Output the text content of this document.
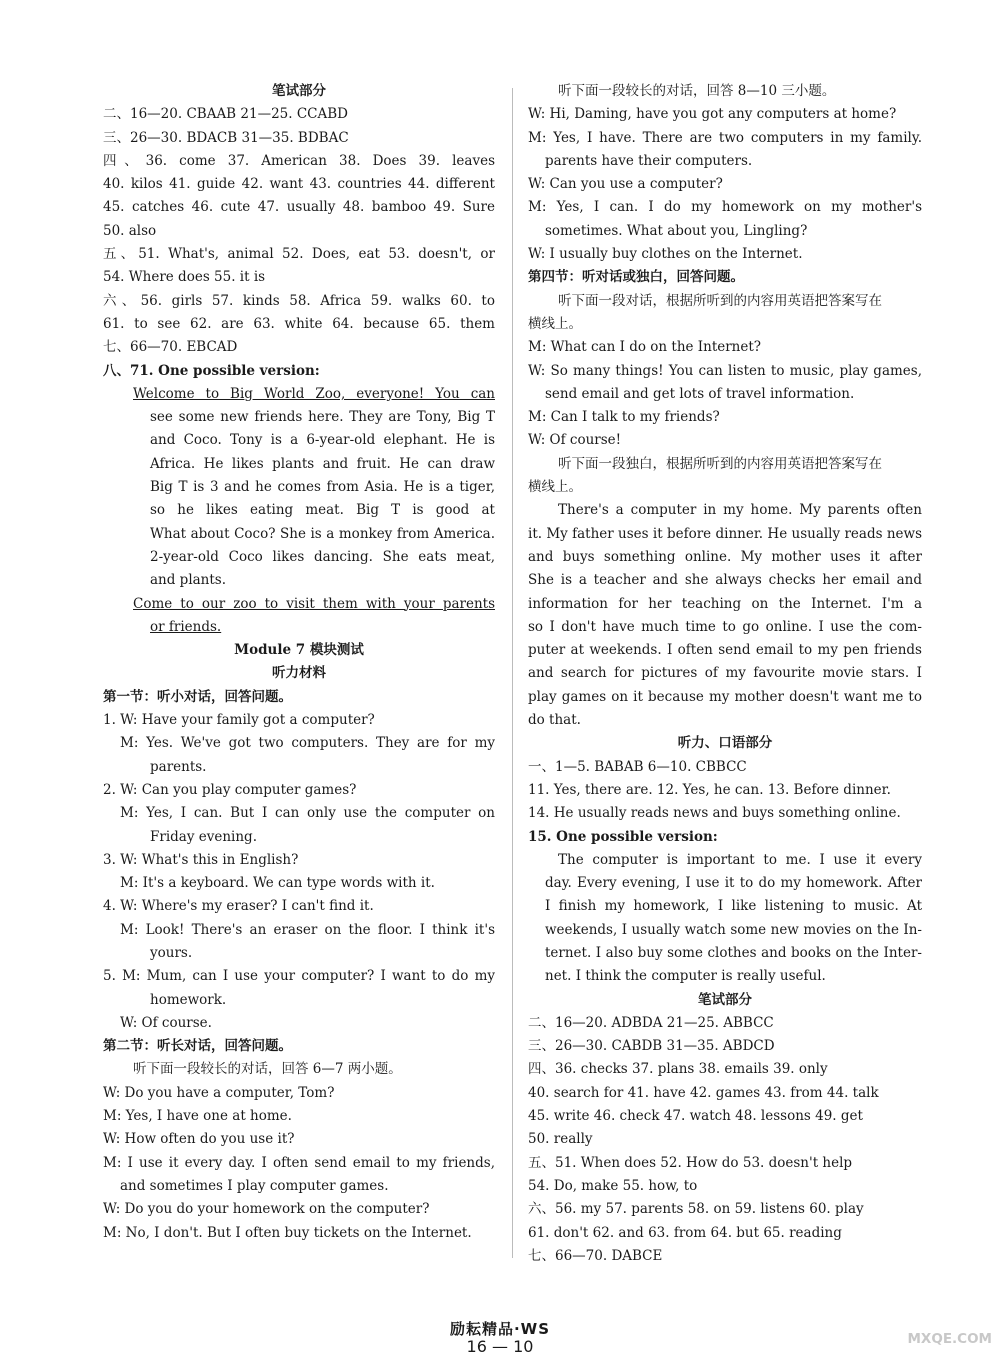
笔试部分
二、16—20. CBAAB 21—25. CCABD
三、26—30. BDACB 31—35. BDBAC
四、36. come 37. American 38. Does 39. leaves
40. kilos 41. guide 42. want 43. countries 44. different
45. catches 46. cute 47. usually 48. bamboo 49. Sure
50. also
五、51. What's, animal 52. Does, eat 53. doesn't, or
54. Where does 55. it is
六、56. girls 57. kinds 58. Africa 59. walks 60. to
61. to see 62. are 63. white 64. because 65. them
七、66—70. EBCAD
八、71. One possible version:
Welcome to Big World Zoo, everyone! You can
see some new friends here. They are Tony, Big T
and Coco. Tony is a 6-year-old elephant. He is
Africa. He likes plants and fruit. He can draw
Big T is 3 and he comes from Asia. He is a tiger,
so he likes eating meat. Big T is good at
What about Coco? She is a monkey from America.
2-year-old Coco likes dancing. She eats meat,
and plants.
Come to our zoo to visit them with your parents
or friends.
Module 7 模块测试
听力材料
第一节：听小对话，回答问题。
1. W: Have your family got a computer?
M: Yes. We've got two computers. They are for my
parents.
2. W: Can you play computer games?
M: Yes, I can. But I can only use the computer on
Friday evening.
3. W: What's this in English?
M: It's a keyboard. We can type words with it.
4. W: Where's my eraser? I can't find it.
M: Look! There's an eraser on the floor. I think it's
yours.
5. M: Mum, can I use your computer? I want to do my
homework.
W: Of course.
第二节：听长对话，回答问题。
听下面一段较长的对话，回答 6—7 两小题。
W: Do you have a computer, Tom?
M: Yes, I have one at home.
W: How often do you use it?
M: I use it every day. I often send email to my friends,
and sometimes I play computer games.
W: Do you do your homework on the computer?
M: No, I don't. But I often buy tickets on the Internet.
听下面一段较长的对话，回答 8—10 三小题。
W: Hi, Daming, have you got any computers at home?
M: Yes, I have. There are two computers in my family.
parents have their computers.
W: Can you use a computer?
M: Yes, I can. I do my homework on my mother's
sometimes. What about you, Lingling?
W: I usually buy clothes on the Internet.
第四节：听对话或独白，回答问题。
听下面一段对话，根据所听到的内容用英语把答案写在
横线上。
M: What can I do on the Internet?
W: So many things! You can listen to music, play games,
send email and get lots of travel information.
M: Can I talk to my friends?
W: Of course!
听下面一段独白，根据所听到的内容用英语把答案写在
横线上。
There's a computer in my home. My parents often
it. My father uses it before dinner. He usually reads news
and buys something online. My mother uses it after
She is a teacher and she always checks her email and
information for her teaching on the Internet. I'm a
so I don't have much time to go online. I use the com-
puter at weekends. I often send email to my pen friends
and search for pictures of my favourite movie stars. I
play games on it because my mother doesn't want me to
do that.
听力、口语部分
一、1—5. BABAB 6—10. CBBCC
11. Yes, there are. 12. Yes, he can. 13. Before dinner.
14. He usually reads news and buys something online.
15. One possible version:
The computer is important to me. I use it every
day. Every evening, I use it to do my homework. After
I finish my homework, I like listening to music. At
weekends, I usually watch some new movies on the In-
ternet. I also buy some clothes and books on the Inter-
net. I think the computer is really useful.
笔试部分
二、16—20. ADBDA 21—25. ABBCC
三、26—30. CABDB 31—35. ABDCD
四、36. checks 37. plans 38. emails 39. only
40. search for 41. have 42. games 43. from 44. talk
45. write 46. check 47. watch 48. lessons 49. get
50. really
五、51. When does 52. How do 53. doesn't help
54. Do, make 55. how, to
六、56. my 57. parents 58. on 59. listens 60. play
61. don't 62. and 63. from 64. but 65. reading
七、66—70. DABCE
励耘精品·WS
16 — 10	MXQE.COM
